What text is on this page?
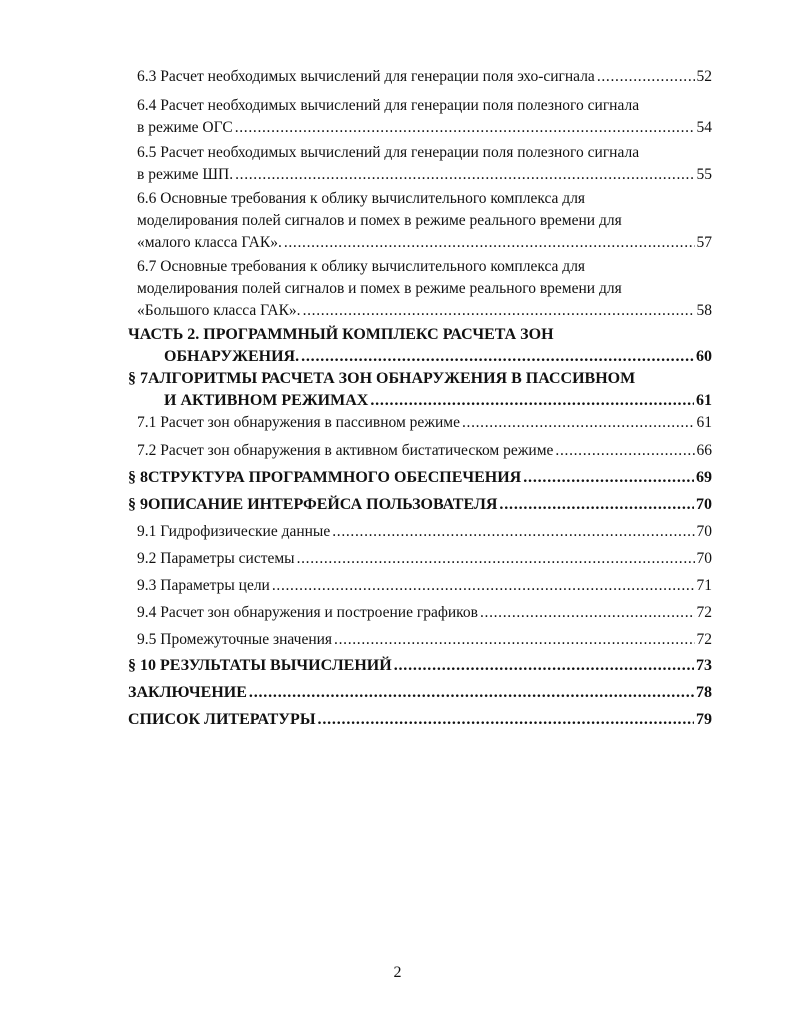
6.3 Расчет необходимых вычислений для генерации поля эхо-сигнала . . .	52
6.4 Расчет необходимых вычислений для генерации поля полезного сигнала
в режиме ОГС . . .	54
6.5 Расчет необходимых вычислений для генерации поля полезного сигнала
в режиме ШП. . . .	55
6.6 Основные требования к облику вычислительного комплекса для
моделирования полей сигналов и помех в режиме реального времени для
«малого класса ГАК». . . .	57
6.7 Основные требования к облику вычислительного комплекса для
моделирования полей сигналов и помех в режиме реального времени для
«Большого класса ГАК». . . .	58
ЧАСТЬ 2. ПРОГРАММНЫЙ КОМПЛЕКС РАСЧЕТА ЗОН
ОБНАРУЖЕНИЯ. . . .	60
§ 7АЛГОРИТМЫ РАСЧЕТА ЗОН ОБНАРУЖЕНИЯ В ПАССИВНОМ
И АКТИВНОМ РЕЖИМАХ . . .	61
7.1 Расчет зон обнаружения в пассивном режиме . . .	61
7.2 Расчет зон обнаружения в активном бистатическом режиме . . .	66
§ 8СТРУКТУРА ПРОГРАММНОГО ОБЕСПЕЧЕНИЯ . . .	69
§ 9ОПИСАНИЕ ИНТЕРФЕЙСА ПОЛЬЗОВАТЕЛЯ . . .	70
9.1 Гидрофизические данные . . .	70
9.2 Параметры системы . . .	70
9.3 Параметры цели . . .	71
9.4 Расчет зон обнаружения и построение графиков . . .	72
9.5 Промежуточные значения . . .	72
§ 10 РЕЗУЛЬТАТЫ ВЫЧИСЛЕНИЙ . . .	73
ЗАКЛЮЧЕНИЕ . . .	78
СПИСОК ЛИТЕРАТУРЫ . . .	79
2
